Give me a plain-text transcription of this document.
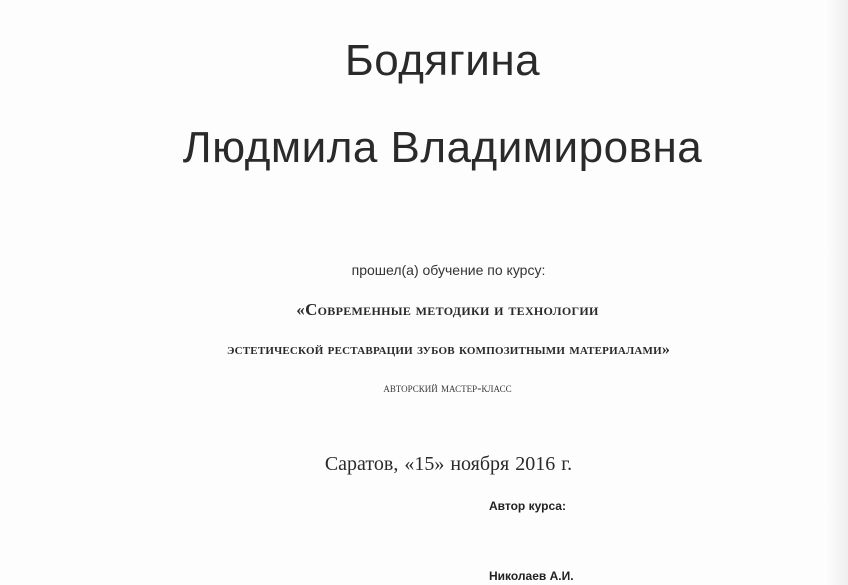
Бодягина
Людмила Владимировна
прошел(а) обучение по курсу:
«Современные методики и технологии
эстетической реставрации зубов композитными материалами»
авторский мастер-класс
Саратов, «15» ноября 2016 г.
Автор курса:
Николаев А.И.
